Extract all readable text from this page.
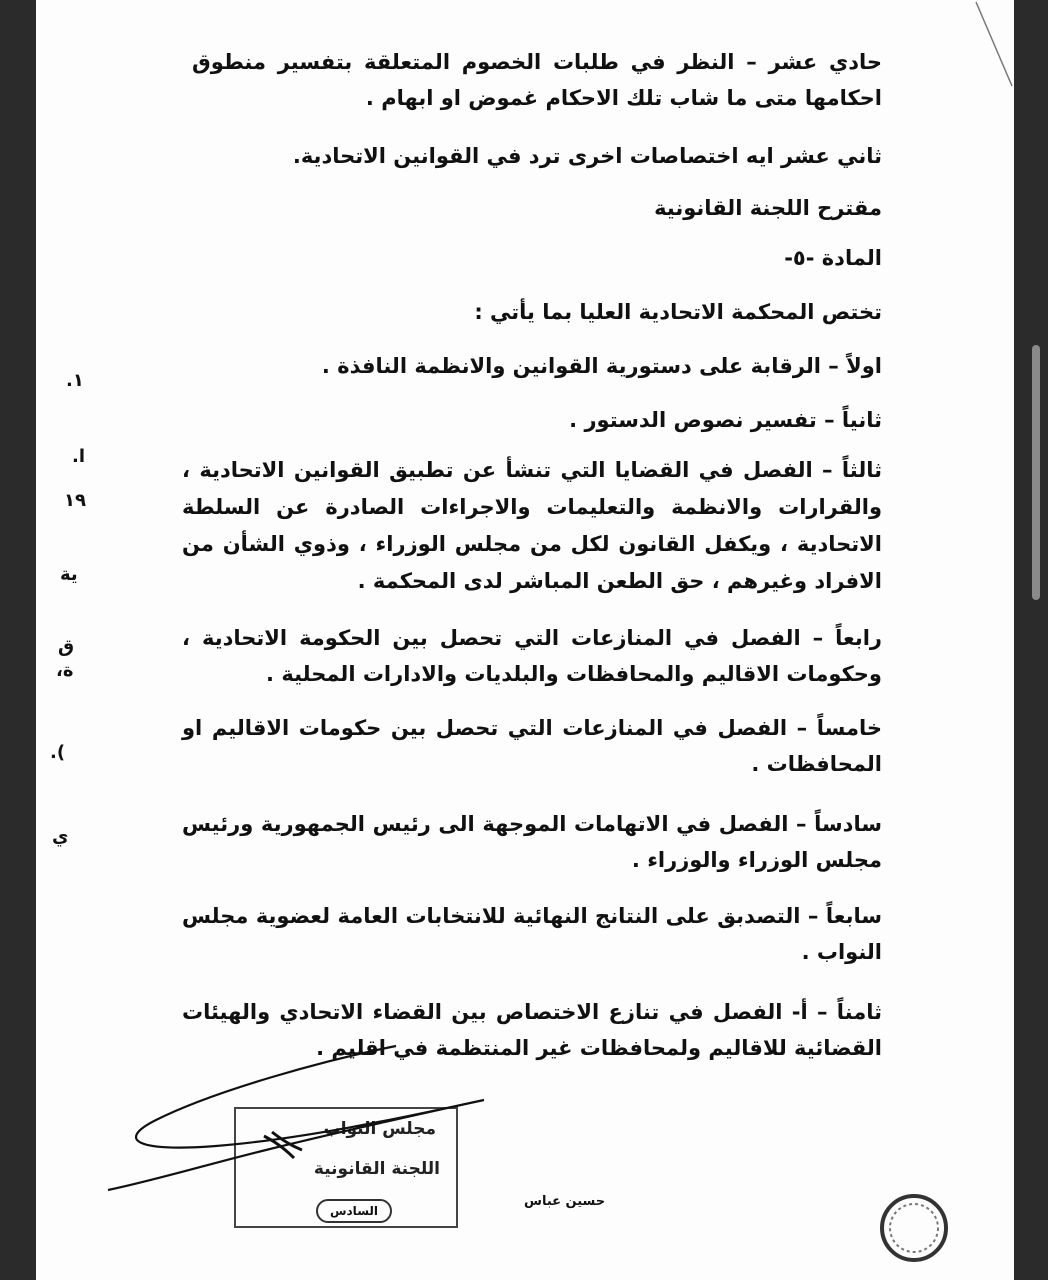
حادي عشر – النظر في طلبات الخصوم المتعلقة بتفسير منطوق احكامها متى ما شاب تلك الاحكام غموض او ابهام .

ثاني عشر ايه اختصاصات اخرى ترد في القوانين الاتحادية.

مقترح اللجنة القانونية

المادة -٥-

تختص المحكمة الاتحادية العليا بما يأتي :

اولاً – الرقابة على دستورية القوانين والانظمة النافذة .

ثانياً – تفسير نصوص الدستور .

ثالثاً – الفصل في القضايا التي تنشأ عن تطبيق القوانين الاتحادية ، والقرارات والانظمة والتعليمات والاجراءات الصادرة عن السلطة الاتحادية ، ويكفل القانون لكل من مجلس الوزراء ، وذوي الشأن من الافراد وغيرهم ، حق الطعن المباشر لدى المحكمة .

رابعاً – الفصل في المنازعات التي تحصل بين الحكومة الاتحادية ، وحكومات الاقاليم والمحافظات والبلديات والادارات المحلية .

خامساً – الفصل في المنازعات التي تحصل بين حكومات الاقاليم او المحافظات .

سادساً – الفصل في الاتهامات الموجهة الى رئيس الجمهورية ورئيس مجلس الوزراء والوزراء .

سابعاً – التصدبق على النتانج النهائية للانتخابات العامة لعضوية مجلس النواب .

ثامناً – أ- الفصل في تنازع الاختصاص بين القضاء الاتحادي والهيئات القضائية للاقاليم ولمحافظات غير المنتظمة في اقليم .

١.
ا.
١٩
ية
ق
ة،
).
ي
مجلس النواب
اللجنة القانونية
السادس
حسين عباس
